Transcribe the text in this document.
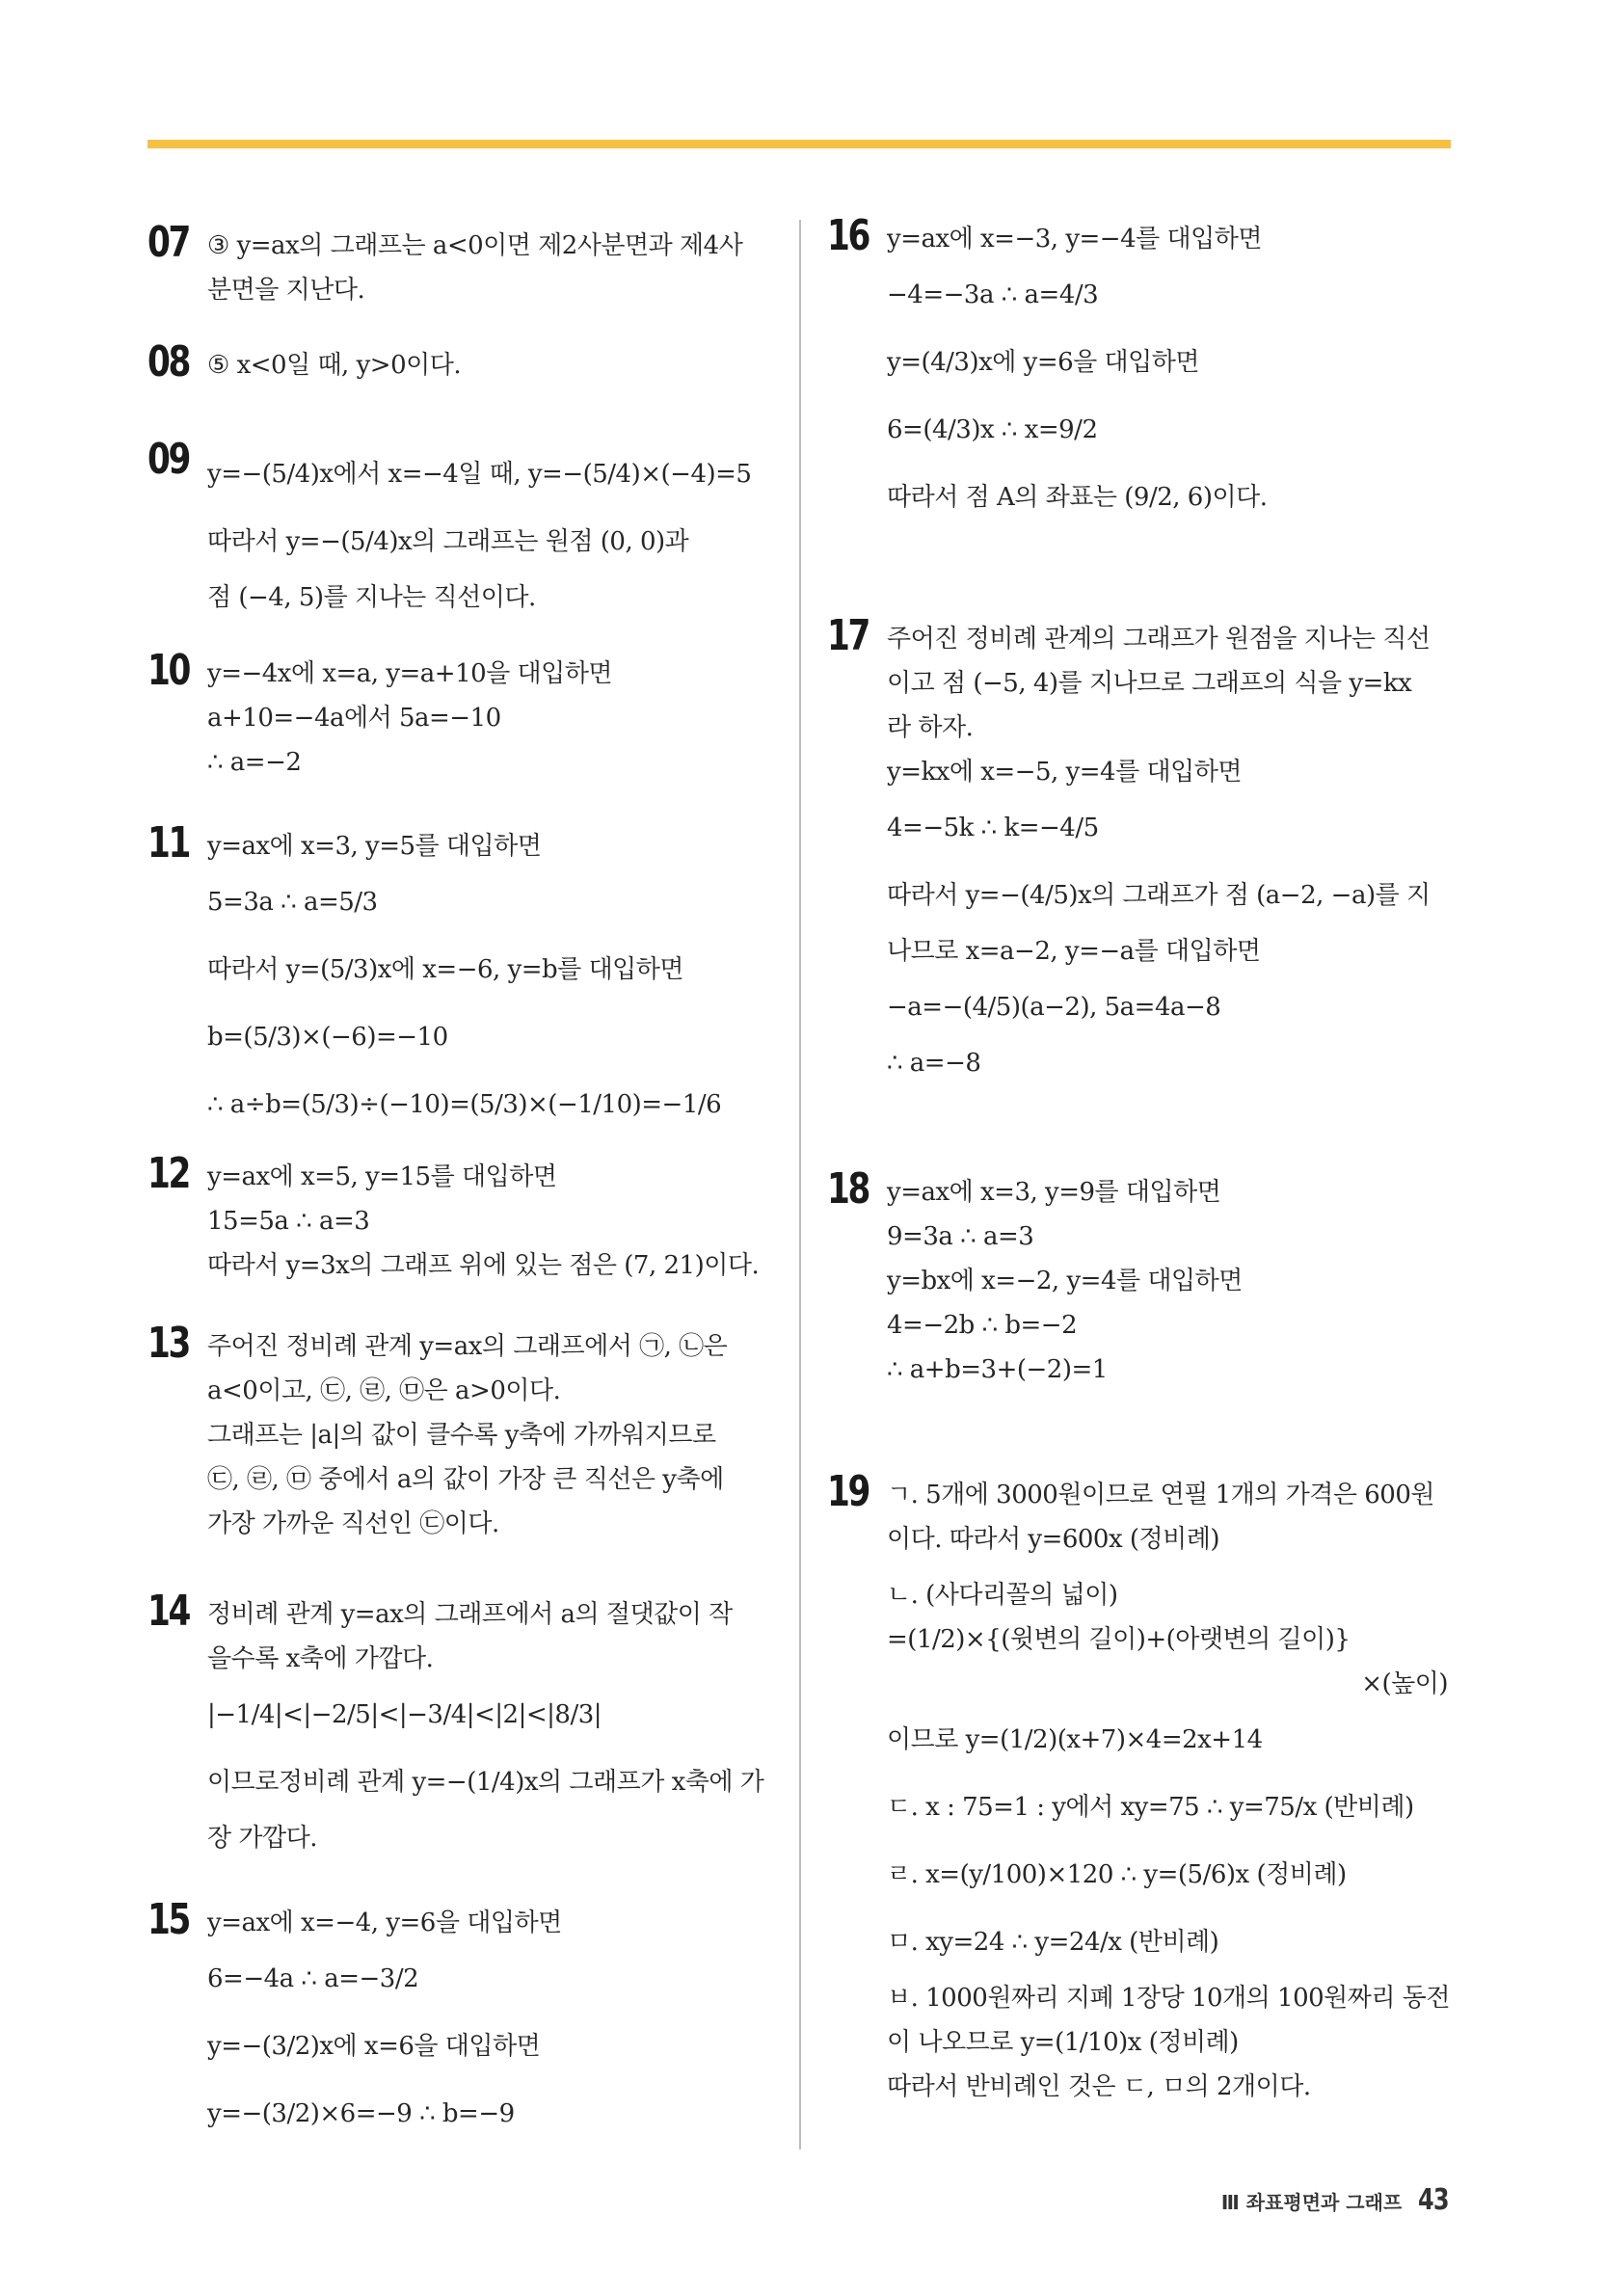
07 ③ y=ax의 그래프는 a<0이면 제2사분면과 제4사
분면을 지난다.
08 ⑤ x<0일 때, y>0이다.
09 y=−(5/4)x에서 x=−4일 때, y=−(5/4)×(−4)=5
따라서 y=−(5/4)x의 그래프는 원점 (0, 0)과
점 (−4, 5)를 지나는 직선이다.
10 y=−4x에 x=a, y=a+10을 대입하면
a+10=−4a에서 5a=−10
∴ a=−2
11 y=ax에 x=3, y=5를 대입하면
5=3a ∴ a=5/3
따라서 y=(5/3)x에 x=−6, y=b를 대입하면
b=(5/3)×(−6)=−10
∴ a÷b=(5/3)÷(−10)=(5/3)×(−1/10)=−1/6
12 y=ax에 x=5, y=15를 대입하면
15=5a ∴ a=3
따라서 y=3x의 그래프 위에 있는 점은 (7, 21)이다.
13 주어진 정비례 관계 y=ax의 그래프에서 ㉠, ㉡은
a<0이고, ㉢, ㉣, ㉤은 a>0이다.
그래프는 |a|의 값이 클수록 y축에 가까워지므로
㉢, ㉣, ㉤ 중에서 a의 값이 가장 큰 직선은 y축에
가장 가까운 직선인 ㉢이다.
14 정비례 관계 y=ax의 그래프에서 a의 절댓값이 작
을수록 x축에 가깝다.
|−1/4|<|−2/5|<|−3/4|<|2|<|8/3|
이므로정비례 관계 y=−(1/4)x의 그래프가 x축에 가
장 가깝다.
15 y=ax에 x=−4, y=6을 대입하면
6=−4a ∴ a=−3/2
y=−(3/2)x에 x=6을 대입하면
y=−(3/2)×6=−9 ∴ b=−9
16 y=ax에 x=−3, y=−4를 대입하면
−4=−3a ∴ a=4/3
y=(4/3)x에 y=6을 대입하면
6=(4/3)x ∴ x=9/2
따라서 점 A의 좌표는 (9/2, 6)이다.
17 주어진 정비례 관계의 그래프가 원점을 지나는 직선
이고 점 (−5, 4)를 지나므로 그래프의 식을 y=kx
라 하자.
y=kx에 x=−5, y=4를 대입하면
4=−5k ∴ k=−4/5
따라서 y=−(4/5)x의 그래프가 점 (a−2, −a)를 지
나므로 x=a−2, y=−a를 대입하면
−a=−(4/5)(a−2), 5a=4a−8
∴ a=−8
18 y=ax에 x=3, y=9를 대입하면
9=3a ∴ a=3
y=bx에 x=−2, y=4를 대입하면
4=−2b ∴ b=−2
∴ a+b=3+(−2)=1
19 ㄱ. 5개에 3000원이므로 연필 1개의 가격은 600원
이다. 따라서 y=600x (정비례)
ㄴ. (사다리꼴의 넓이)
=(1/2)×{(윗변의 길이)+(아랫변의 길이)}
×(높이)
이므로 y=(1/2)(x+7)×4=2x+14
ㄷ. x : 75=1 : y에서 xy=75 ∴ y=75/x (반비례)
ㄹ. x=(y/100)×120 ∴ y=(5/6)x (정비례)
ㅁ. xy=24 ∴ y=24/x (반비례)
ㅂ. 1000원짜리 지폐 1장당 10개의 100원짜리 동전
이 나오므로 y=(1/10)x (정비례)
따라서 반비례인 것은 ㄷ, ㅁ의 2개이다.
Ⅲ 좌표평면과 그래프 43
